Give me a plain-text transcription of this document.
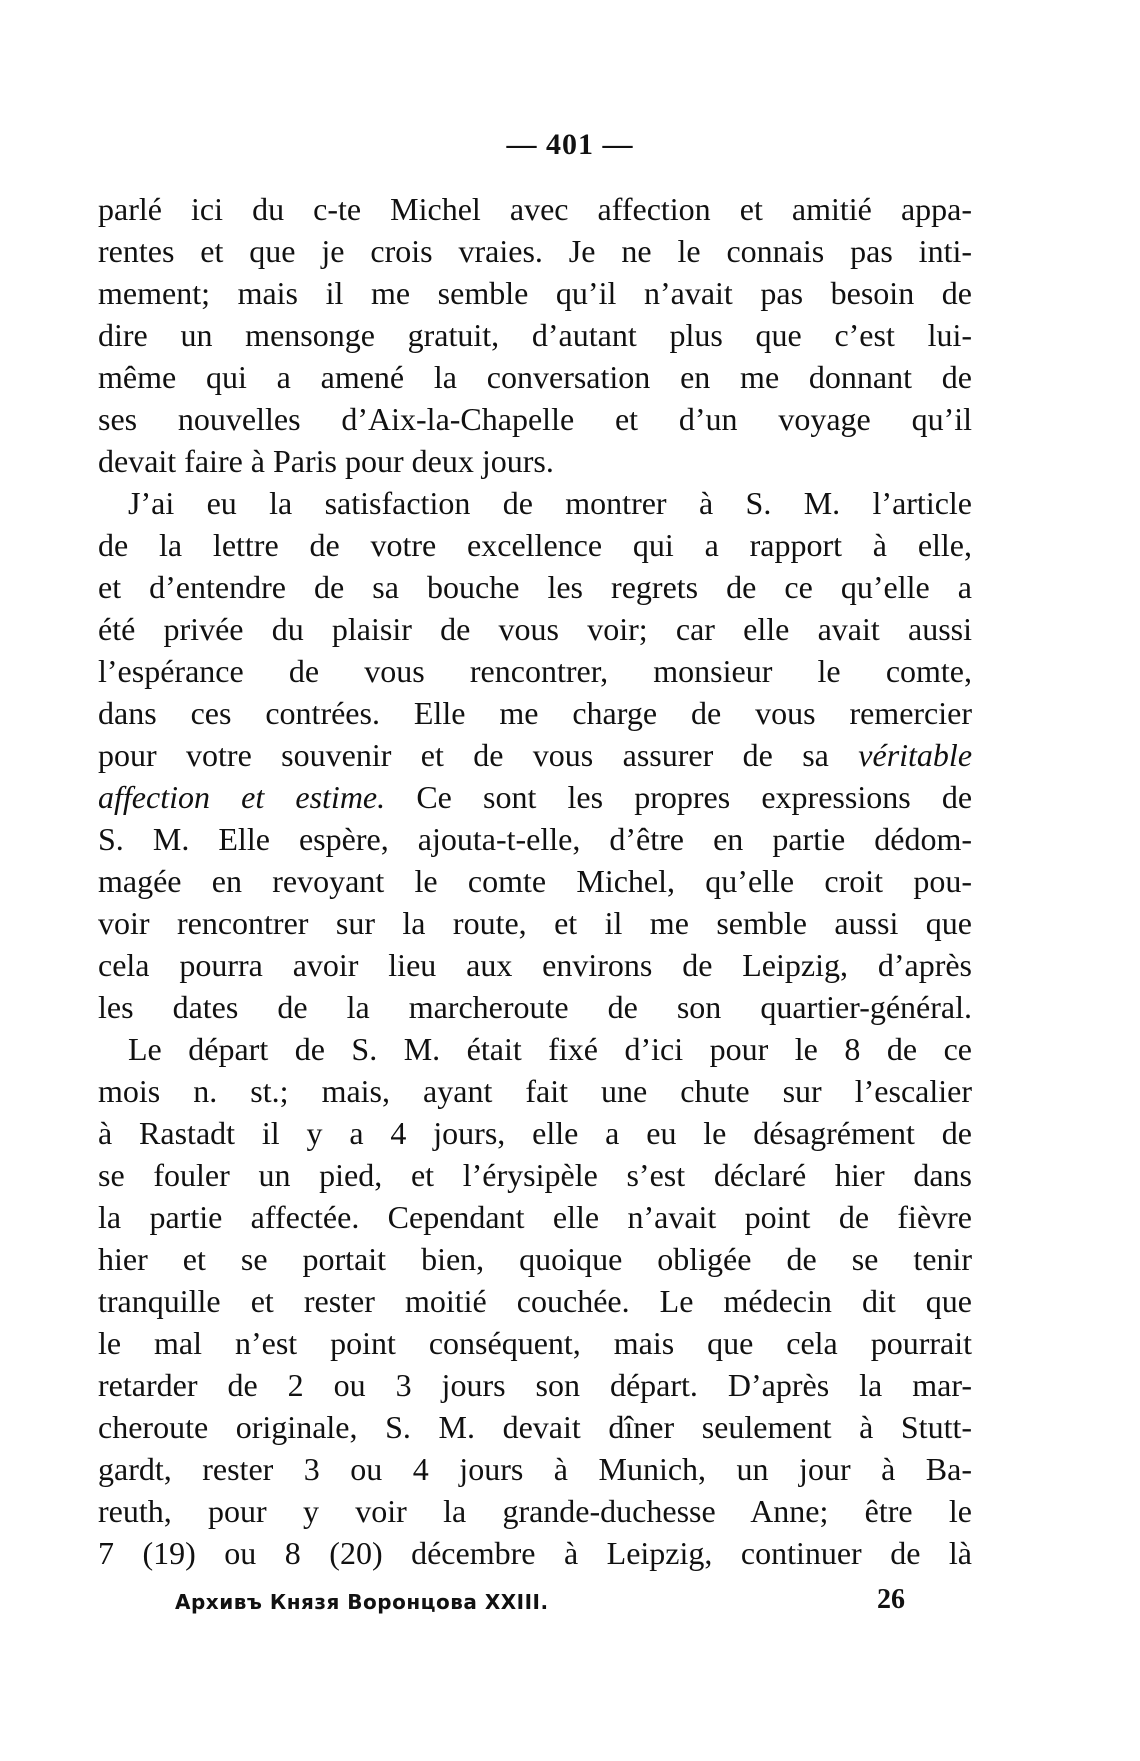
— 401 —
parlé ici du c-te Michel avec affection et amitié appa-
rentes et que je crois vraies. Je ne le connais pas inti-
mement; mais il me semble qu’il n’avait pas besoin de
dire un mensonge gratuit, d’autant plus que c’est lui-
même qui a amené la conversation en me donnant de
ses nouvelles d’Aix-la-Chapelle et d’un voyage qu’il
devait faire à Paris pour deux jours.
J’ai eu la satisfaction de montrer à S. M. l’article
de la lettre de votre excellence qui a rapport à elle,
et d’entendre de sa bouche les regrets de ce qu’elle a
été privée du plaisir de vous voir; car elle avait aussi
l’espérance de vous rencontrer, monsieur le comte,
dans ces contrées. Elle me charge de vous remercier
pour votre souvenir et de vous assurer de sa véritable
affection et estime. Ce sont les propres expressions de
S. M. Elle espère, ajouta-t-elle, d’être en partie dédom-
magée en revoyant le comte Michel, qu’elle croit pou-
voir rencontrer sur la route, et il me semble aussi que
cela pourra avoir lieu aux environs de Leipzig, d’après
les dates de la marcheroute de son quartier-général.
Le départ de S. M. était fixé d’ici pour le 8 de ce
mois n. st.; mais, ayant fait une chute sur l’escalier
à Rastadt il y a 4 jours, elle a eu le désagrément de
se fouler un pied, et l’érysipèle s’est déclaré hier dans
la partie affectée. Cependant elle n’avait point de fièvre
hier et se portait bien, quoique obligée de se tenir
tranquille et rester moitié couchée. Le médecin dit que
le mal n’est point conséquent, mais que cela pourrait
retarder de 2 ou 3 jours son départ. D’après la mar-
cheroute originale, S. M. devait dîner seulement à Stutt-
gardt, rester 3 ou 4 jours à Munich, un jour à Ba-
reuth, pour y voir la grande-duchesse Anne; être le
7 (19) ou 8 (20) décembre à Leipzig, continuer de là
Архивъ Князя Воронцова XXIII.	26
